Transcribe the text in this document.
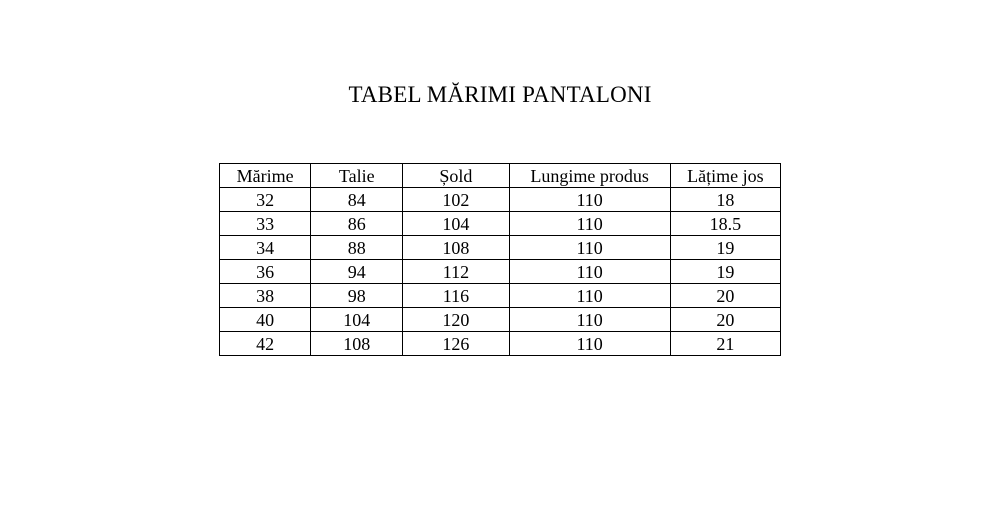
TABEL MĂRIMI PANTALONI
Mărime	Talie	Șold	Lungime produs	Lățime jos
32	84	102	110	18
33	86	104	110	18.5
34	88	108	110	19
36	94	112	110	19
38	98	116	110	20
40	104	120	110	20
42	108	126	110	21
